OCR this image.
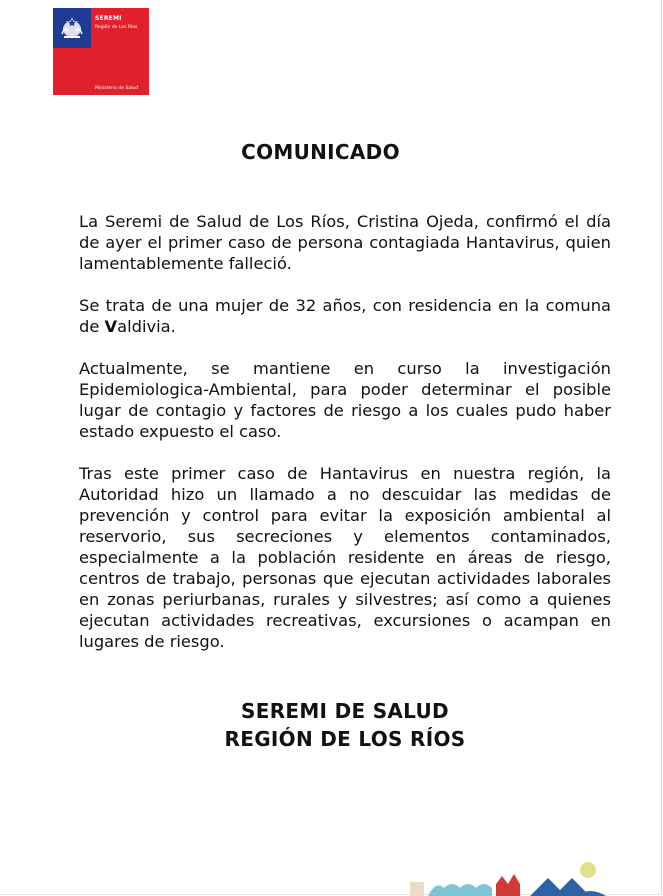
SEREMI
Región de Los Ríos
Ministerio de Salud
COMUNICADO

La Seremi de Salud de Los Ríos, Cristina Ojeda, confirmó el día de ayer el primer caso de persona contagiada Hantavirus, quien lamentablemente falleció.

Se trata de una mujer de 32 años, con residencia en la comuna de Valdivia.

Actualmente, se mantiene en curso la investigación Epidemiologica-Ambiental, para poder determinar el posible lugar de contagio y factores de riesgo a los cuales pudo haber estado expuesto el caso.

Tras este primer caso de Hantavirus en nuestra región, la Autoridad hizo un llamado a no descuidar las medidas de prevención y control para evitar la exposición ambiental al reservorio, sus secreciones y elementos contaminados, especialmente a la población residente en áreas de riesgo, centros de trabajo, personas que ejecutan actividades laborales en zonas periurbanas, rurales y silvestres; así como a quienes ejecutan actividades recreativas, excursiones o acampan en lugares de riesgo.

SEREMI DE SALUD
REGIÓN DE LOS RÍOS
